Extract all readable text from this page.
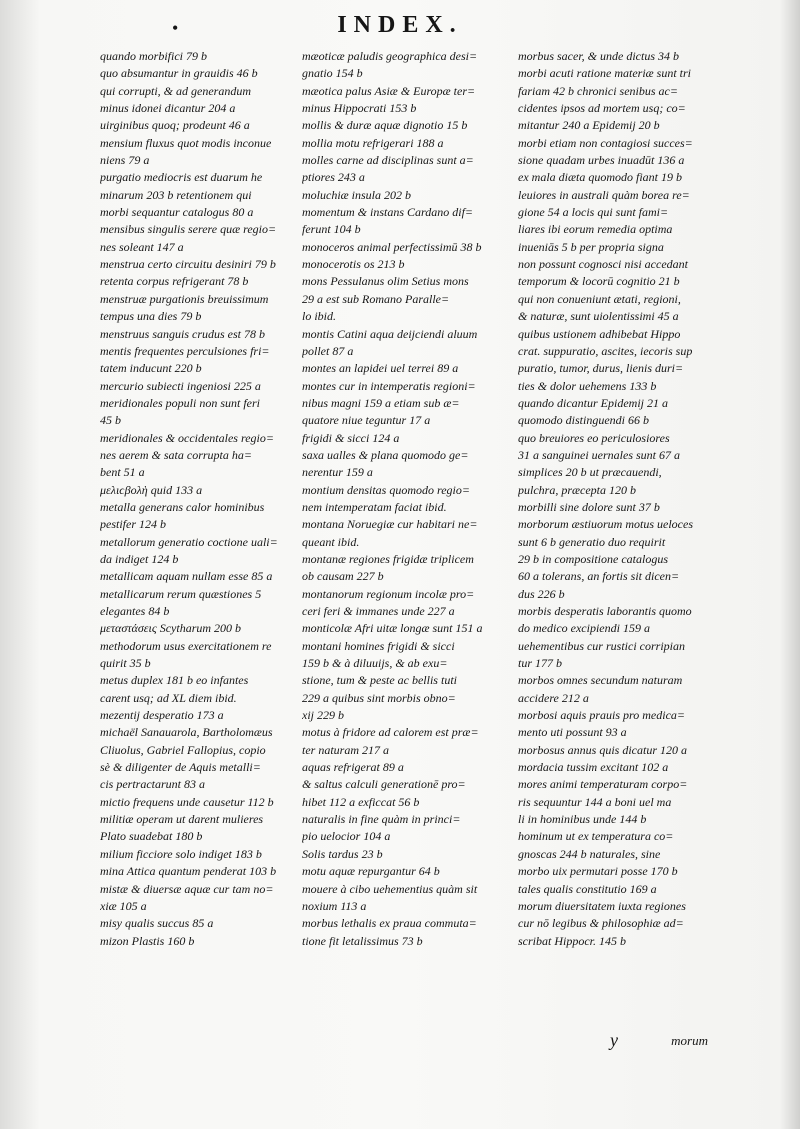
•	INDEX.
quando morbifici 79 b
quo absumantur in grauidis 46 b
qui corrupti, & ad generandum
minus idonei dicantur 204 a
uirginibus quoq; prodeunt 46 a
mensium fluxus quot modis inconue
niens 79 a
purgatio mediocris est duarum he
minarum 203 b retentionem qui
morbi sequantur catalogus 80 a
mensibus singulis serere quæ regio=
nes soleant 147 a
menstrua certo circuitu desiniri 79 b
retenta corpus refrigerant 78 b
menstruæ purgationis breuissimum
tempus una dies 79 b
menstruus sanguis crudus est 78 b
mentis frequentes perculsiones fri=
tatem inducunt 220 b
mercurio subiecti ingeniosi 225 a
meridionales populi non sunt feri
45 b
meridionales & occidentales regio=
nes aerem & sata corrupta ha=
bent 51 a
μελιϲβολὴ quid 133 a
metalla generans calor hominibus
pestifer 124 b
metallorum generatio coctione uali=
da indiget 124 b
metallicam aquam nullam esse 85 a
metallicarum rerum quæstiones 5
elegantes 84 b
μεταστάσεις Scytharum 200 b
methodorum usus exercitationem re
quirit 35 b
metus duplex 181 b eo infantes
carent usq; ad XL diem ibid.
mezentij desperatio 173 a
michaël Sanauarola, Bartholomæus
Cliuolus, Gabriel Fallopius, copio
sè & diligenter de Aquis metalli=
cis pertractarunt 83 a
mictio frequens unde causetur 112 b
militiæ operam ut darent mulieres
Plato suadebat 180 b
milium ficciore solo indiget 183 b
mina Attica quantum penderat 103 b
mistæ & diuersæ aquæ cur tam no=
xiæ 105 a
misy qualis succus 85 a
mizon Plastis 160 b
mæoticæ paludis geographica desi=
gnatio 154 b
mæotica palus Asiæ & Europæ ter=
minus Hippocrati 153 b
mollis & duræ aquæ dignotio 15 b
mollia motu refrigerari 188 a
molles carne ad disciplinas sunt a=
ptiores 243 a
moluchiæ insula 202 b
momentum & instans Cardano dif=
ferunt 104 b
monoceros animal perfectissimū 38 b
monocerotis os 213 b
mons Pessulanus olim Setius mons
29 a est sub Romano Paralle=
lo ibid.
montis Catini aqua deijciendi aluum
pollet 87 a
montes an lapidei uel terrei 89 a
montes cur in intemperatis regioni=
nibus magni 159 a etiam sub æ=
quatore niue teguntur 17 a
frigidi & sicci 124 a
saxa ualles & plana quomodo ge=
nerentur 159 a
montium densitas quomodo regio=
nem intemperatam faciat ibid.
montana Noruegiæ cur habitari ne=
queant ibid.
montanæ regiones frigidæ triplicem
ob causam 227 b
montanorum regionum incolæ pro=
ceri feri & immanes unde 227 a
monticolæ Afri uitæ longæ sunt 151 a
montani homines frigidi & sicci
159 b & à diluuijs, & ab exu=
stione, tum & peste ac bellis tuti
229 a quibus sint morbis obno=
xij 229 b
motus à fridore ad calorem est præ=
ter naturam 217 a
aquas refrigerat 89 a
& saltus calculi generationē pro=
hibet 112 a exficcat 56 b
naturalis in fine quàm in princi=
pio uelocior 104 a
Solis tardus 23 b
motu aquæ repurgantur 64 b
mouere à cibo uehementius quàm sit
noxium 113 a
morbus lethalis ex praua commuta=
tione fit letalissimus 73 b
morbus sacer, & unde dictus 34 b
morbi acuti ratione materiæ sunt tri
fariam 42 b chronici senibus ac=
cidentes ipsos ad mortem usq; co=
mitantur 240 a Epidemij 20 b
morbi etiam non contagiosi succes=
sione quadam urbes inuadūt 136 a
ex mala diæta quomodo fiant 19 b
leuiores in australi quàm borea re=
gione 54 a locis qui sunt fami=
liares ibi eorum remedia optima
inueniās 5 b per propria signa
non possunt cognosci nisi accedant
temporum & locorū cognitio 21 b
qui non conueniunt ætati, regioni,
& naturæ, sunt uiolentissimi 45 a
quibus ustionem adhibebat Hippo
crat. suppuratio, ascites, iecoris sup
puratio, tumor, durus, lienis duri=
ties & dolor uehemens 133 b
quando dicantur Epidemij 21 a
quomodo distinguendi 66 b
quo breuiores eo periculosiores
31 a sanguinei uernales sunt 67 a
simplices 20 b ut præcauendi,
pulchra, præcepta 120 b
morbilli sine dolore sunt 37 b
morborum æstiuorum motus ueloces
sunt 6 b generatio duo requirit
29 b in compositione catalogus
60 a tolerans, an fortis sit dicen=
dus 226 b
morbis desperatis laborantis quomo
do medico excipiendi 159 a
uehementibus cur rustici corripian
tur 177 b
morbos omnes secundum naturam
accidere 212 a
morbosi aquis prauis pro medica=
mento uti possunt 93 a
morbosus annus quis dicatur 120 a
mordacia tussim excitant 102 a
mores animi temperaturam corpo=
ris sequuntur 144 a boni uel ma
li in hominibus unde 144 b
hominum ut ex temperatura co=
gnoscas 244 b naturales, sine
morbo uix permutari posse 170 b
tales qualis constitutio 169 a
morum diuersitatem iuxta regiones
cur nō legibus & philosophiæ ad=
scribat Hippocr. 145 b
y	morum
